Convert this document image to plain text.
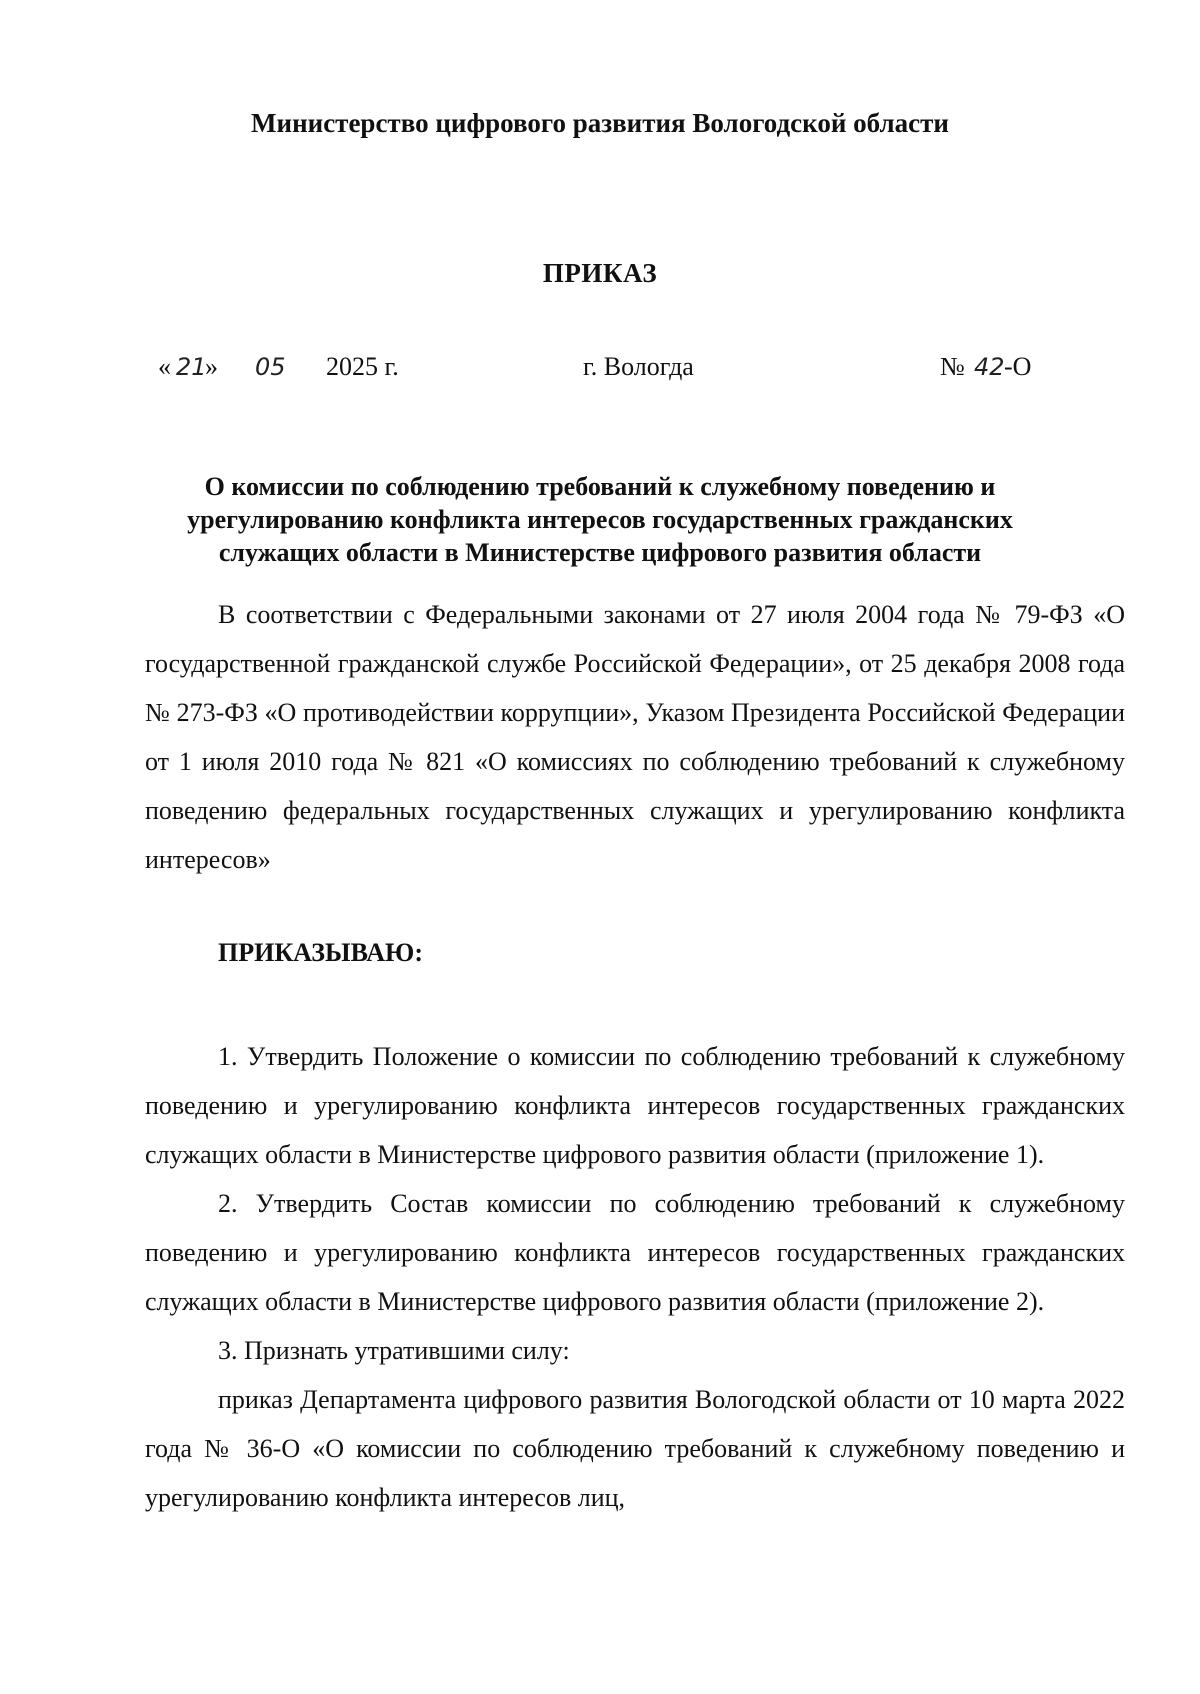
Министерство цифрового развития Вологодской области
ПРИКАЗ
« 21
» 05 2025 г.	г. Вологда	№ 42 -О
О комиссии по соблюдению требований к служебному поведению и
урегулированию конфликта интересов государственных гражданских
служащих области в Министерстве цифрового развития области

В соответствии с Федеральными законами от 27 июля 2004 года № 79-ФЗ «О государственной гражданской службе Российской Федерации», от 25 декабря 2008 года № 273-ФЗ «О противодействии коррупции», Указом Президента Российской Федерации от 1 июля 2010 года № 821 «О комиссиях по соблюдению требований к служебному поведению федеральных государственных служащих и урегулированию конфликта интересов»

ПРИКАЗЫВАЮ:

1. Утвердить Положение о комиссии по соблюдению требований к служебному поведению и урегулированию конфликта интересов государственных гражданских служащих области в Министерстве цифрового развития области (приложение 1).

2. Утвердить Состав комиссии по соблюдению требований к служебному поведению и урегулированию конфликта интересов государственных гражданских служащих области в Министерстве цифрового развития области (приложение 2).

3. Признать утратившими силу:

приказ Департамента цифрового развития Вологодской области от 10 марта 2022 года № 36-О «О комиссии по соблюдению требований к служебному поведению и урегулированию конфликта интересов лиц,
